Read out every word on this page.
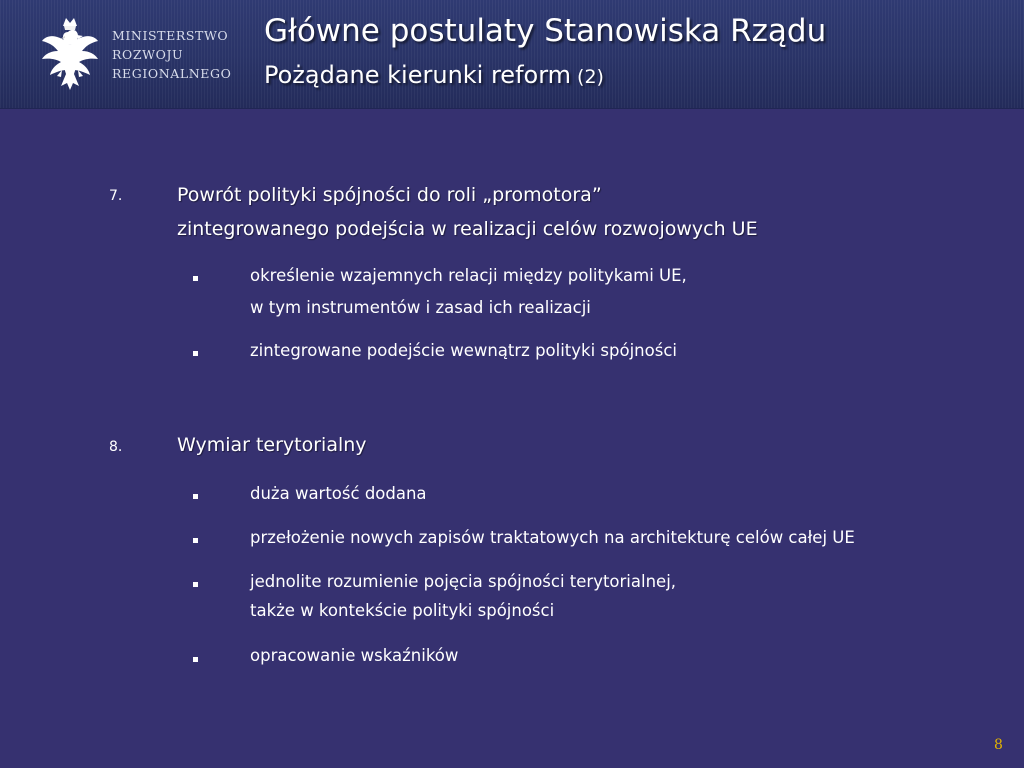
MINISTERSTWO
ROZWOJU
REGIONALNEGO
Główne postulaty Stanowiska Rządu
Pożądane kierunki reform (2)
7.	Powrót polityki spójności do roli „promotora”
zintegrowanego podejścia w realizacji celów rozwojowych UE
określenie wzajemnych relacji między politykami UE,
w tym instrumentów i zasad ich realizacji
zintegrowane podejście wewnątrz polityki spójności
8.	Wymiar terytorialny
duża wartość dodana
przełożenie nowych zapisów traktatowych na architekturę celów całej UE
jednolite rozumienie pojęcia spójności terytorialnej,
także w kontekście polityki spójności
opracowanie wskaźników
8
